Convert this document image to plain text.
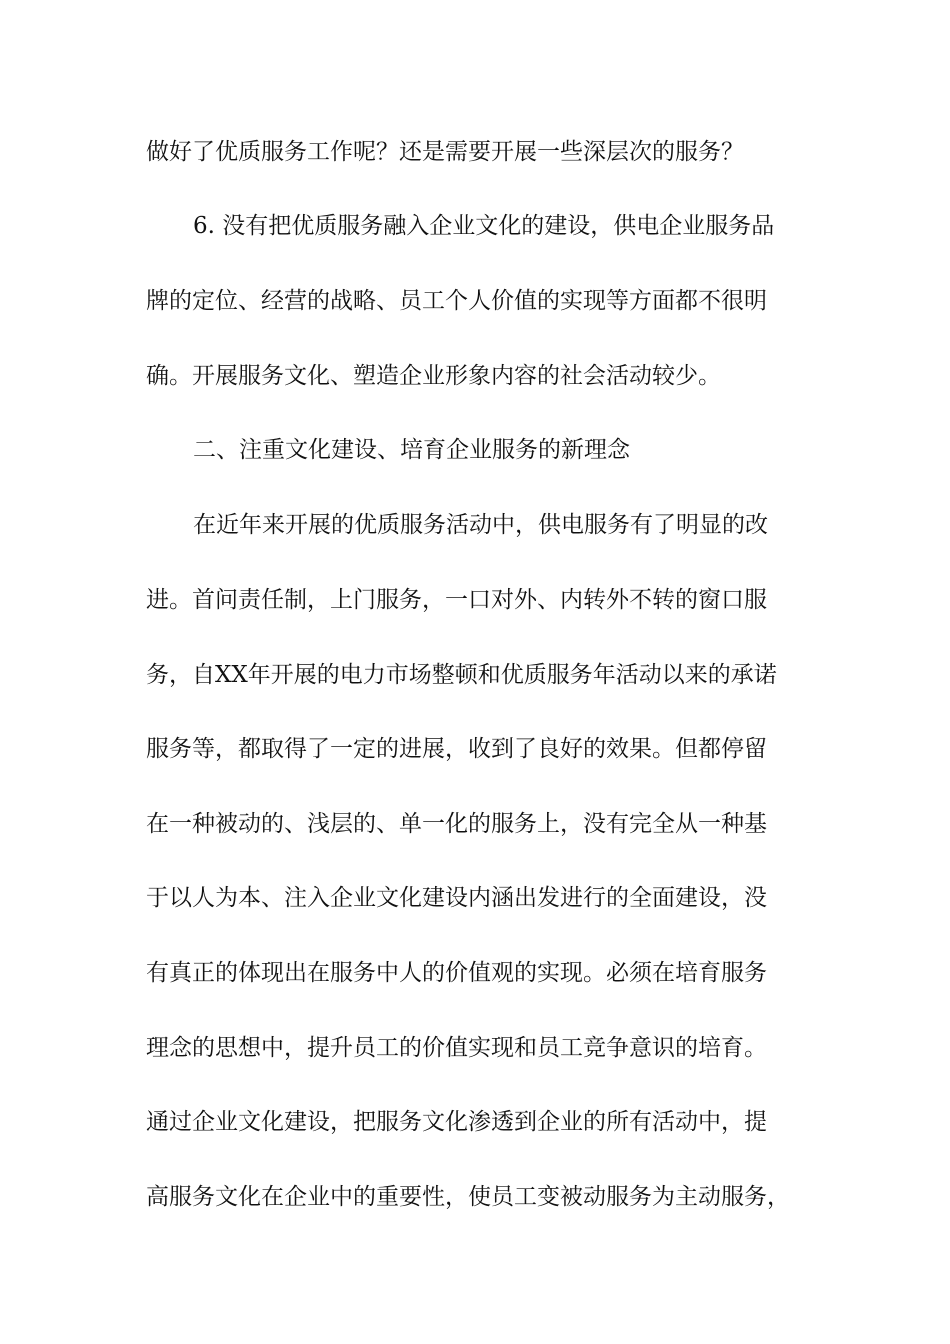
做好了优质服务工作呢？还是需要开展一些深层次的服务？
6. 没有把优质服务融入企业文化的建设，供电企业服务品
牌的定位、经营的战略、员工个人价值的实现等方面都不很明
确。开展服务文化、塑造企业形象内容的社会活动较少。
二、注重文化建设、培育企业服务的新理念
在近年来开展的优质服务活动中，供电服务有了明显的改
进。首问责任制，上门服务，一口对外、内转外不转的窗口服
务，自XX年开展的电力市场整顿和优质服务年活动以来的承诺
服务等，都取得了一定的进展，收到了良好的效果。但都停留
在一种被动的、浅层的、单一化的服务上，没有完全从一种基
于以人为本、注入企业文化建设内涵出发进行的全面建设，没
有真正的体现出在服务中人的价值观的实现。必须在培育服务
理念的思想中，提升员工的价值实现和员工竞争意识的培育。
通过企业文化建设，把服务文化渗透到企业的所有活动中，提
高服务文化在企业中的重要性，使员工变被动服务为主动服务，
